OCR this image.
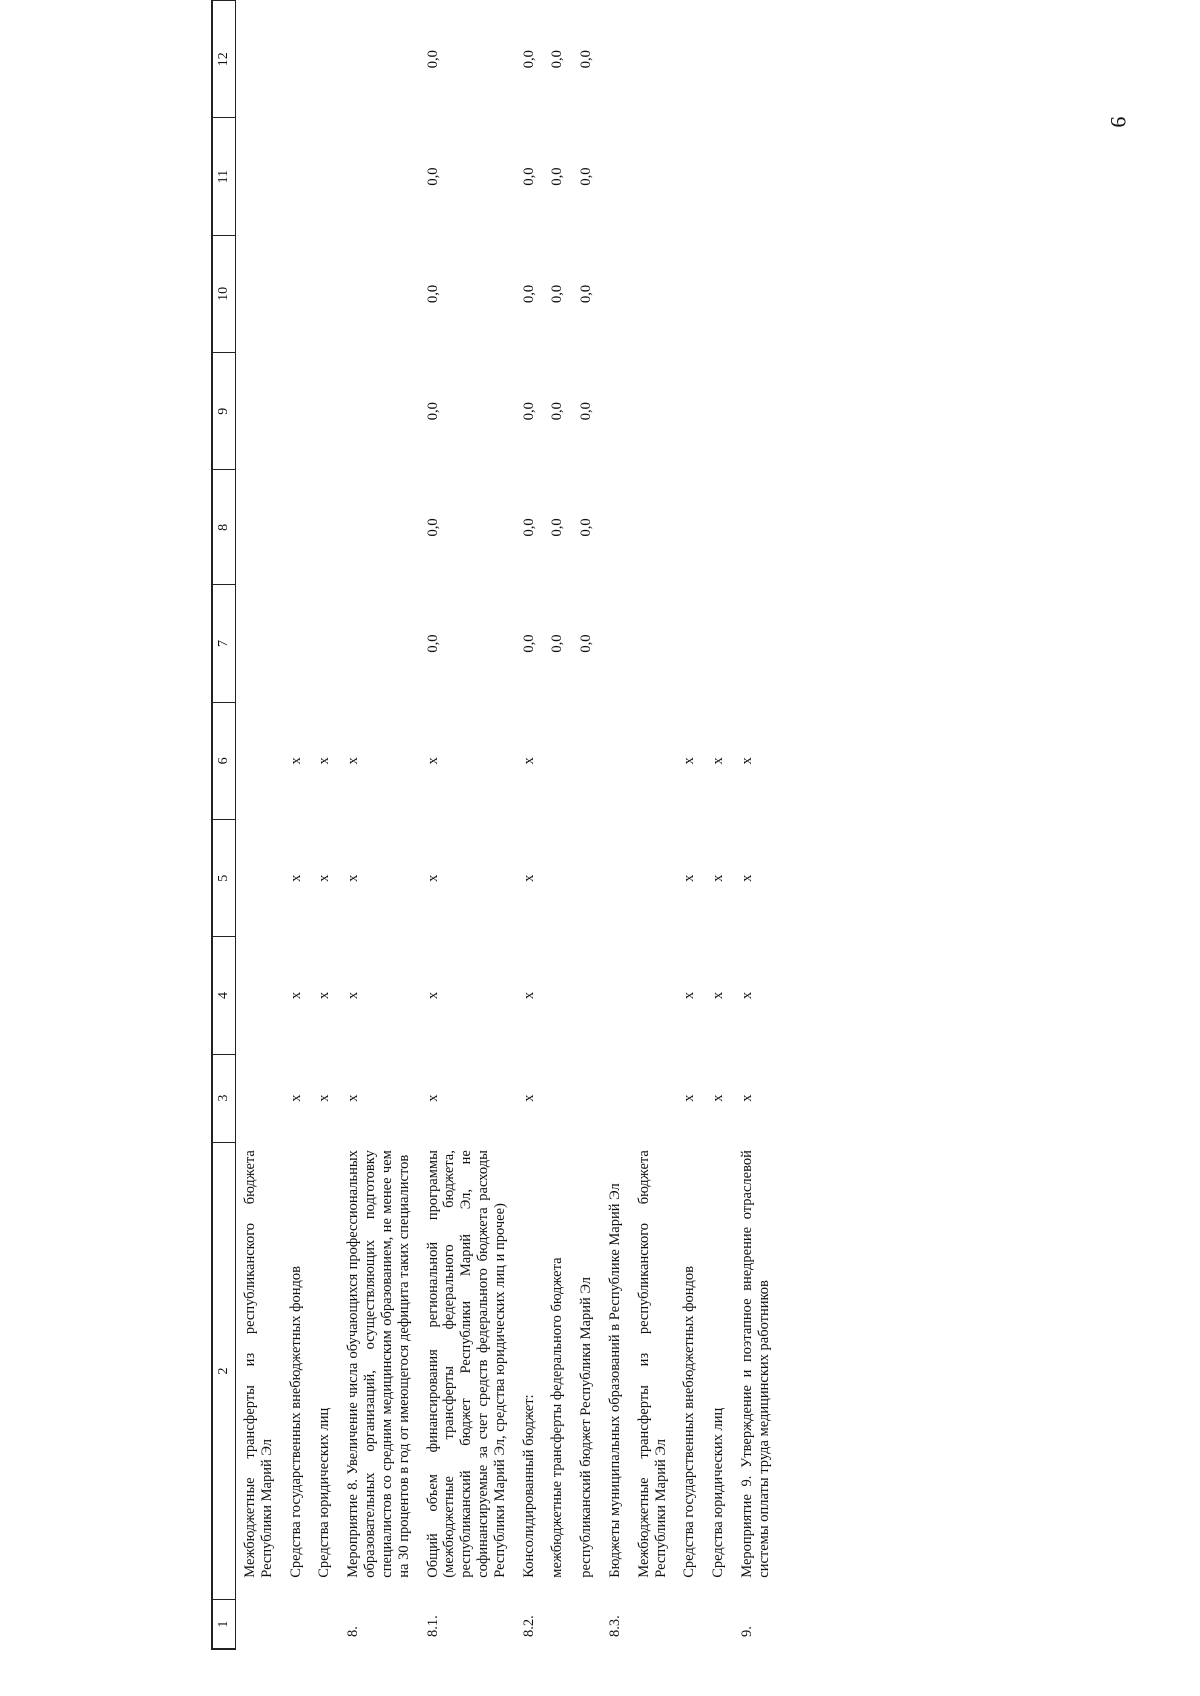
9
1	2	3	4	5	6	7	8	9	10	11	12
	Межбюджетные трансферты из республиканского бюджета Республики Марий Эл										
	Средства государственных внебюджетных фондов	х	х	х	х						
	Средства юридических лиц	х	х	х	х						
8.	Мероприятие 8. Увеличение числа обучающихся профессиональных образовательных организаций, осуществляющих подготовку специалистов со средним медицинским образованием, не менее чем на 30 процентов в год от имеющегося дефицита таких специалистов	х	х	х	х						
8.1.	Общий объем финансирования региональной программы (межбюджетные трансферты федерального бюджета, республиканский бюджет Республики Марий Эл, не софинансируемые за счет средств федерального бюджета расходы Республики Марий Эл, средства юридических лиц и прочее)	х	х	х	х	0,0	0,0	0,0	0,0	0,0	0,0
8.2.	Консолидированный бюджет:	х	х	х	х	0,0	0,0	0,0	0,0	0,0	0,0
	межбюджетные трансферты федерального бюджета					0,0	0,0	0,0	0,0	0,0	0,0
	республиканский бюджет Республики Марий Эл					0,0	0,0	0,0	0,0	0,0	0,0
8.3.	Бюджеты муниципальных образований в Республике Марий Эл										
	Межбюджетные трансферты из республиканского бюджета Республики Марий Эл										
	Средства государственных внебюджетных фондов	х	х	х	х						
	Средства юридических лиц	х	х	х	х						
9.	Мероприятие 9. Утверждение и поэтапное внедрение отраслевой системы оплаты труда медицинских работников	х	х	х	х						
